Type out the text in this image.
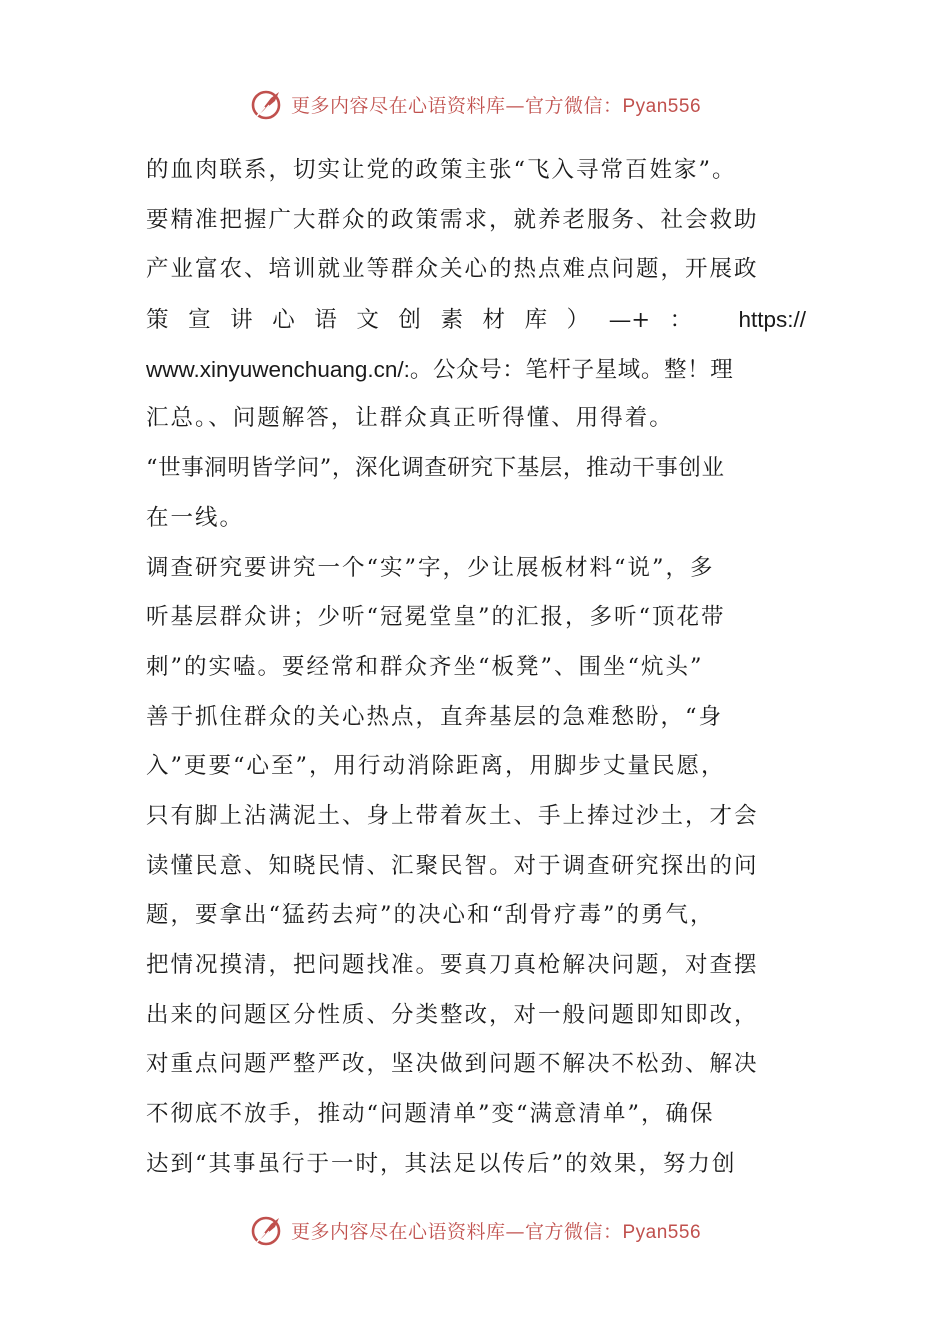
更多内容尽在心语资料库—官方微信：Pyan556
的血肉联系，切实让党的政策主张“飞入寻常百姓家”。
要精准把握广大群众的政策需求，就养老服务、社会救助
产业富农、培训就业等群众关心的热点难点问题，开展政
策宣讲心语文创素材库）—+： https://
www.xinyuwenchuang.cn/:。公众号：笔杆子星域。整！理
汇总。、问题解答，让群众真正听得懂、用得着。
“世事洞明皆学问”，深化调查研究下基层，推动干事创业
在一线。
调查研究要讲究一个“实”字，少让展板材料“说”，多
听基层群众讲；少听“冠冕堂皇”的汇报，多听“顶花带
刺”的实嗑。要经常和群众齐坐“板凳”、围坐“炕头”
善于抓住群众的关心热点，直奔基层的急难愁盼，“身
入”更要“心至”，用行动消除距离，用脚步丈量民愿，
只有脚上沾满泥土、身上带着灰土、手上捧过沙土，才会
读懂民意、知晓民情、汇聚民智。对于调查研究探出的问
题，要拿出“猛药去疴”的决心和“刮骨疗毒”的勇气，
把情况摸清，把问题找准。要真刀真枪解决问题，对查摆
出来的问题区分性质、分类整改，对一般问题即知即改，
对重点问题严整严改，坚决做到问题不解决不松劲、解决
不彻底不放手，推动“问题清单”变“满意清单”，确保
达到“其事虽行于一时，其法足以传后”的效果，努力创
更多内容尽在心语资料库—官方微信：Pyan556
